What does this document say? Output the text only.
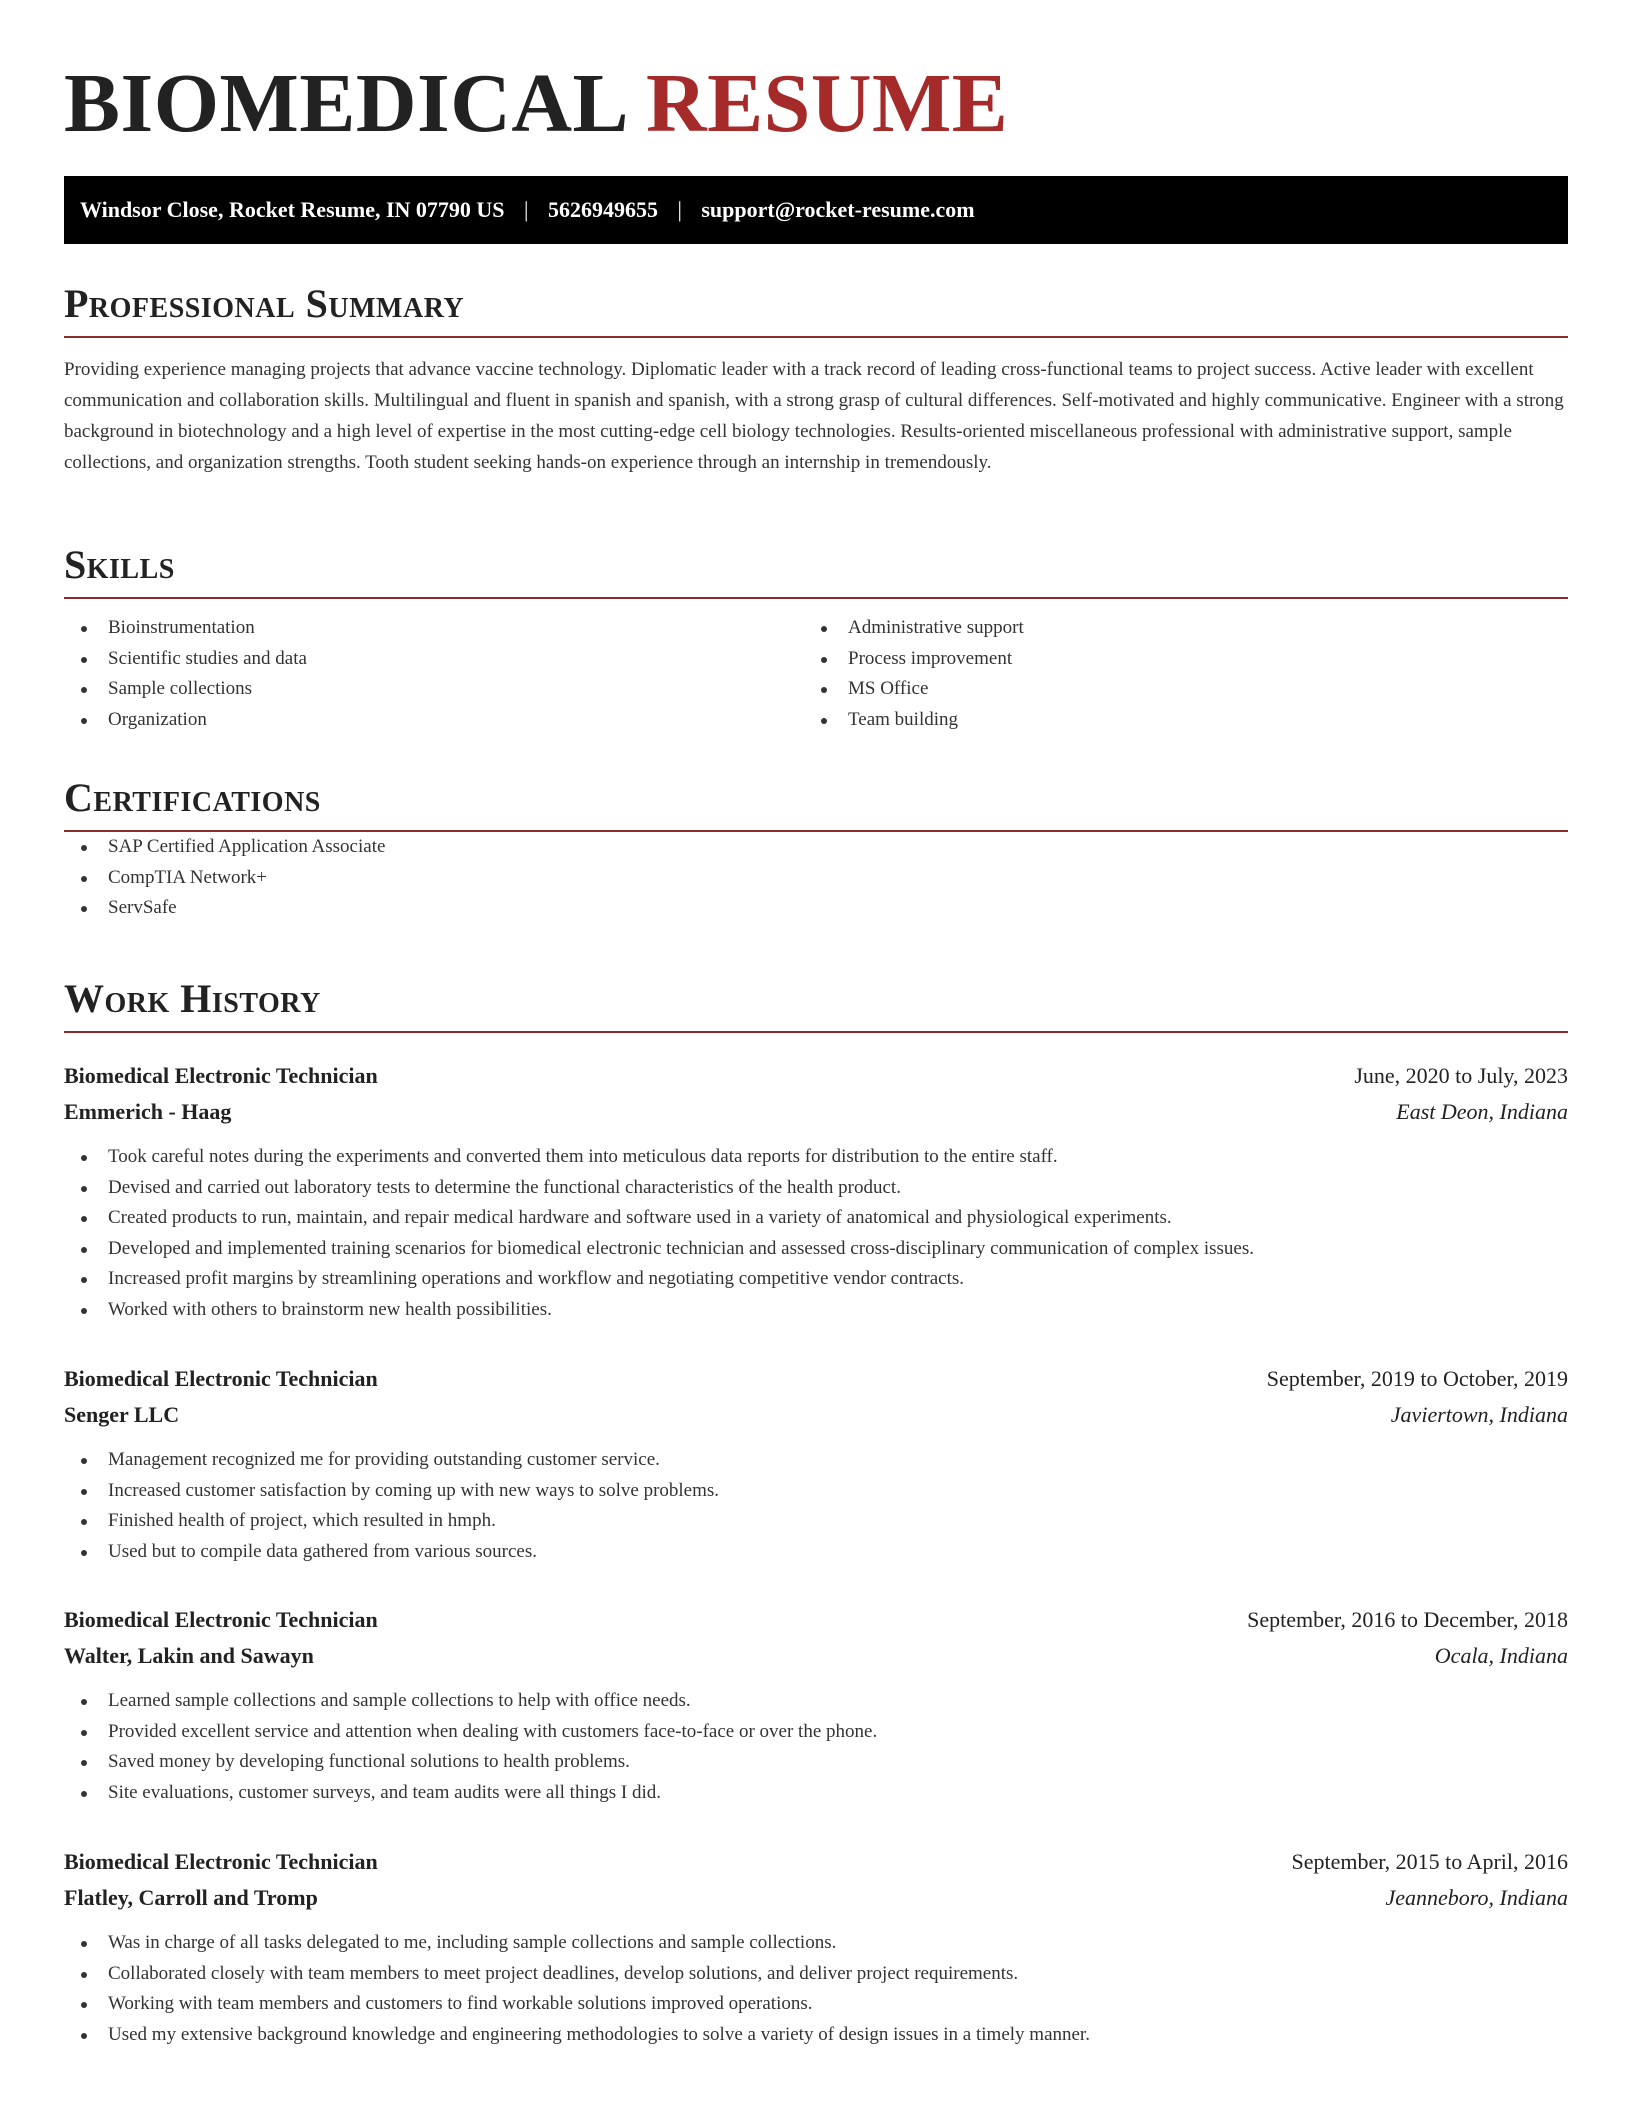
BIOMEDICAL RESUME
Windsor Close, Rocket Resume, IN 07790 US | 5626949655 | support@rocket-resume.com
Professional Summary

Providing experience managing projects that advance vaccine technology. Diplomatic leader with a track record of leading cross-functional teams to project success. Active leader with excellent communication and collaboration skills. Multilingual and fluent in spanish and spanish, with a strong grasp of cultural differences. Self-motivated and highly communicative. Engineer with a strong background in biotechnology and a high level of expertise in the most cutting-edge cell biology technologies. Results-oriented miscellaneous professional with administrative support, sample collections, and organization strengths. Tooth student seeking hands-on experience through an internship in tremendously.

Skills
Bioinstrumentation
Scientific studies and data
Sample collections
Organization
Administrative support
Process improvement
MS Office
Team building
Certifications
SAP Certified Application Associate
CompTIA Network+
ServSafe
Work History
Biomedical Electronic Technician	June, 2020 to July, 2023
Emmerich - Haag	East Deon, Indiana
Took careful notes during the experiments and converted them into meticulous data reports for distribution to the entire staff.
Devised and carried out laboratory tests to determine the functional characteristics of the health product.
Created products to run, maintain, and repair medical hardware and software used in a variety of anatomical and physiological experiments.
Developed and implemented training scenarios for biomedical electronic technician and assessed cross-disciplinary communication of complex issues.
Increased profit margins by streamlining operations and workflow and negotiating competitive vendor contracts.
Worked with others to brainstorm new health possibilities.
Biomedical Electronic Technician	September, 2019 to October, 2019
Senger LLC	Javiertown, Indiana
Management recognized me for providing outstanding customer service.
Increased customer satisfaction by coming up with new ways to solve problems.
Finished health of project, which resulted in hmph.
Used but to compile data gathered from various sources.
Biomedical Electronic Technician	September, 2016 to December, 2018
Walter, Lakin and Sawayn	Ocala, Indiana
Learned sample collections and sample collections to help with office needs.
Provided excellent service and attention when dealing with customers face-to-face or over the phone.
Saved money by developing functional solutions to health problems.
Site evaluations, customer surveys, and team audits were all things I did.
Biomedical Electronic Technician	September, 2015 to April, 2016
Flatley, Carroll and Tromp	Jeanneboro, Indiana
Was in charge of all tasks delegated to me, including sample collections and sample collections.
Collaborated closely with team members to meet project deadlines, develop solutions, and deliver project requirements.
Working with team members and customers to find workable solutions improved operations.
Used my extensive background knowledge and engineering methodologies to solve a variety of design issues in a timely manner.
